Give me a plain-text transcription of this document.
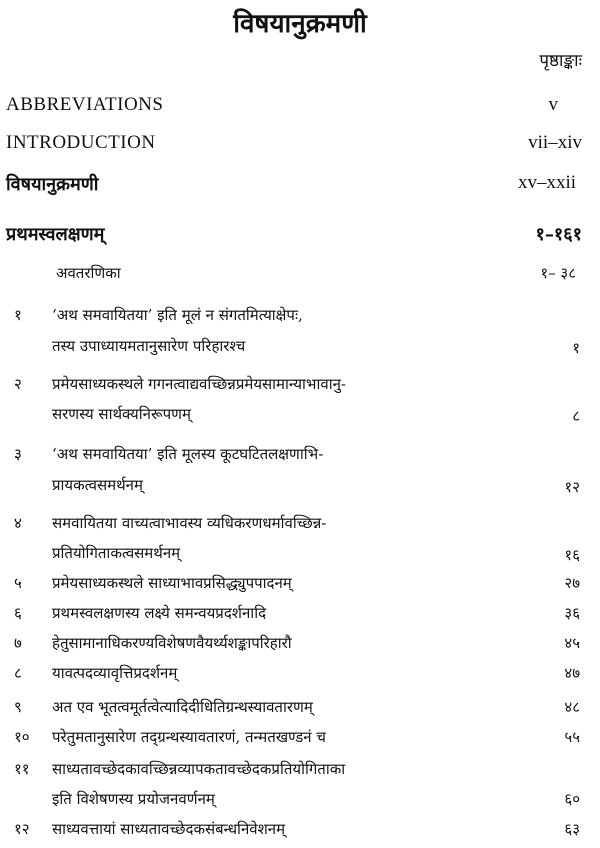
विषयानुक्रमणी
पृष्ठाङ्काः
ABBREVIATIONS	v
INTRODUCTION	vii–xiv
विषयानुक्रमणी	xv–xxii
प्रथमस्वलक्षणम्	१–१६१
अवतरणिका	१– ३८
१ ‘अथ समवायितया’ इति मूलं न संगतमित्याक्षेपः,
तस्य उपाध्यायमतानुसारेण परिहारश्च	१
२ प्रमेयसाध्यकस्थले गगनत्वाद्यवच्छिन्नप्रमेयसामान्याभावानु-
सरणस्य सार्थक्यनिरूपणम्	८
३ ‘अथ समवायितया’ इति मूलस्य कूटघटितलक्षणाभि-
प्रायकत्वसमर्थनम्	१२
४ समवायितया वाच्यत्वाभावस्य व्यधिकरणधर्मावच्छिन्न-
प्रतियोगिताकत्वसमर्थनम्	१६
५ प्रमेयसाध्यकस्थले साध्याभावप्रसिद्ध्युपपादनम्	२७
६ प्रथमस्वलक्षणस्य लक्ष्ये समन्वयप्रदर्शनादि	३६
७ हेतुसामानाधिकरण्यविशेषणवैयर्थ्यशङ्कापरिहारौ	४५
८ यावत्पदव्यावृत्तिप्रदर्शनम्	४७
९ अत एव भूतत्वमूर्तत्वेत्यादिदीधितिग्रन्थस्यावतारणम्	४८
१० परेतुमतानुसारेण तद्ग्रन्थस्यावतारणं, तन्मतखण्डनं च	५५
११ साध्यतावच्छेदकावच्छिन्नव्यापकतावच्छेदकप्रतियोगिताका
इति विशेषणस्य प्रयोजनवर्णनम्	६०
१२ साध्यवत्तायां साध्यतावच्छेदकसंबन्धनिवेशनम्	६३
